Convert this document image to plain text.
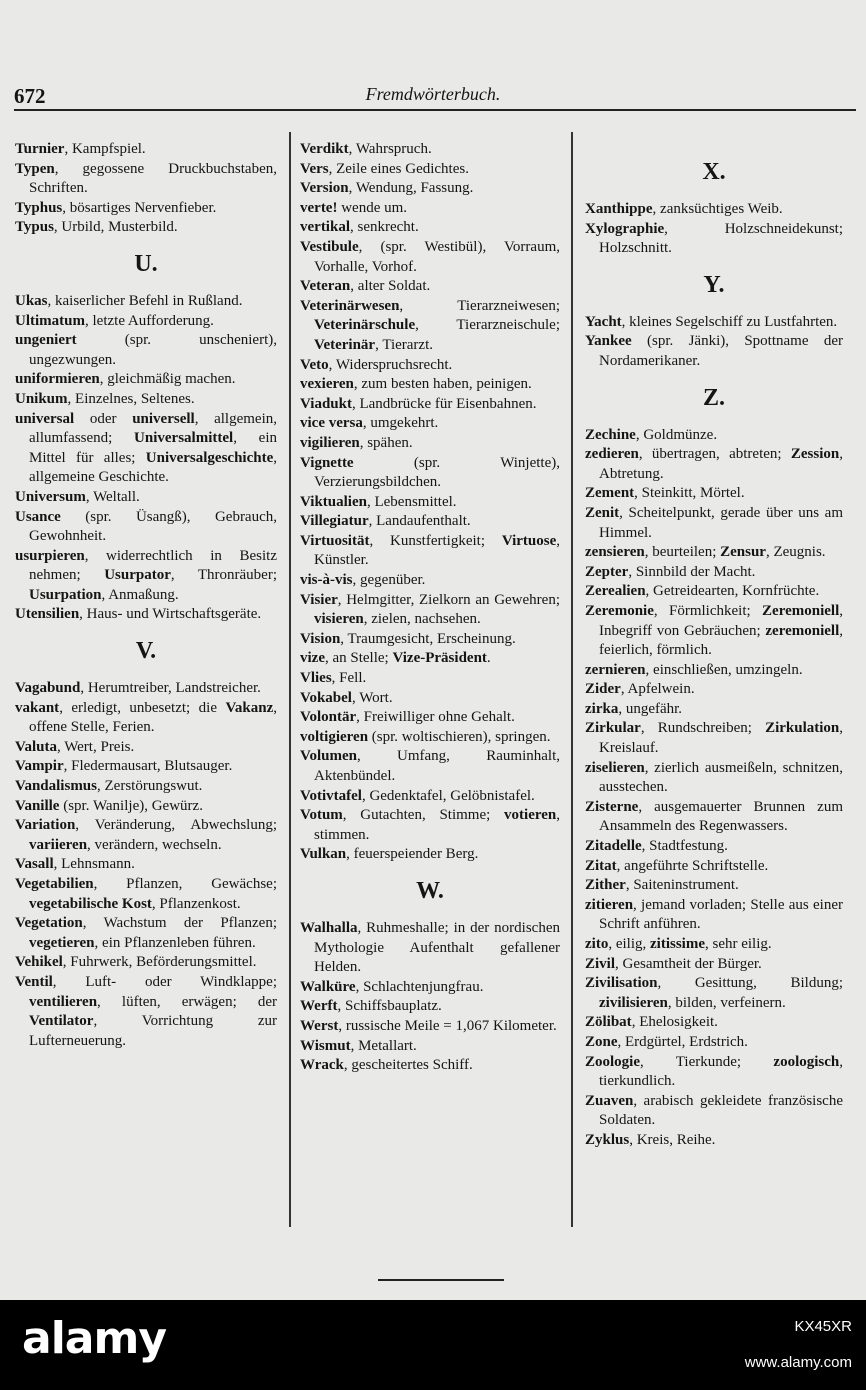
672	Fremdwörterbuch.

Turnier, Kampfspiel.

Typen, gegossene Druckbuchstaben, Schriften.

Typhus, bösartiges Nervenfieber.

Typus, Urbild, Musterbild.

U.

Ukas, kaiserlicher Befehl in Rußland.

Ultimatum, letzte Aufforderung.

ungeniert (spr. unscheniert), ungezwungen.

uniformieren, gleichmäßig machen.

Unikum, Einzelnes, Seltenes.

universal oder universell, allgemein, allumfassend; Universalmittel, ein Mittel für alles; Universalgeschichte, allgemeine Geschichte.

Universum, Weltall.

Usance (spr. Üsangß), Gebrauch, Gewohnheit.

usurpieren, widerrechtlich in Besitz nehmen; Usurpator, Thronräuber; Usurpation, Anmaßung.

Utensilien, Haus- und Wirtschaftsgeräte.

V.

Vagabund, Herumtreiber, Landstreicher.

vakant, erledigt, unbesetzt; die Vakanz, offene Stelle, Ferien.

Valuta, Wert, Preis.

Vampir, Fledermausart, Blutsauger.

Vandalismus, Zerstörungswut.

Vanille (spr. Wanilje), Gewürz.

Variation, Veränderung, Abwechslung; variieren, verändern, wechseln.

Vasall, Lehnsmann.

Vegetabilien, Pflanzen, Gewächse; vegetabilische Kost, Pflanzenkost.

Vegetation, Wachstum der Pflanzen; vegetieren, ein Pflanzenleben führen.

Vehikel, Fuhrwerk, Beförderungsmittel.

Ventil, Luft- oder Windklappe; ventilieren, lüften, erwägen; der Ventilator, Vorrichtung zur Lufterneuerung.

Verdikt, Wahrspruch.

Vers, Zeile eines Gedichtes.

Version, Wendung, Fassung.

verte! wende um.

vertikal, senkrecht.

Vestibule, (spr. Westibül), Vorraum, Vorhalle, Vorhof.

Veteran, alter Soldat.

Veterinärwesen, Tierarzneiwesen; Veterinärschule, Tierarzneischule; Veterinär, Tierarzt.

Veto, Widerspruchsrecht.

vexieren, zum besten haben, peinigen.

Viadukt, Landbrücke für Eisenbahnen.

vice versa, umgekehrt.

vigilieren, spähen.

Vignette (spr. Winjette), Verzierungsbildchen.

Viktualien, Lebensmittel.

Villegiatur, Landaufenthalt.

Virtuosität, Kunstfertigkeit; Virtuose, Künstler.

vis-à-vis, gegenüber.

Visier, Helmgitter, Zielkorn an Gewehren; visieren, zielen, nachsehen.

Vision, Traumgesicht, Erscheinung.

vize, an Stelle; Vize-Präsident.

Vlies, Fell.

Vokabel, Wort.

Volontär, Freiwilliger ohne Gehalt.

voltigieren (spr. woltischieren), springen.

Volumen, Umfang, Rauminhalt, Aktenbündel.

Votivtafel, Gedenktafel, Gelöbnistafel.

Votum, Gutachten, Stimme; votieren, stimmen.

Vulkan, feuerspeiender Berg.

W.

Walhalla, Ruhmeshalle; in der nordischen Mythologie Aufenthalt gefallener Helden.

Walküre, Schlachtenjungfrau.

Werft, Schiffsbauplatz.

Werst, russische Meile = 1,067 Kilometer.

Wismut, Metallart.

Wrack, gescheitertes Schiff.

X.

Xanthippe, zanksüchtiges Weib.

Xylographie, Holzschneidekunst; Holzschnitt.

Y.

Yacht, kleines Segelschiff zu Lustfahrten.

Yankee (spr. Jänki), Spottname der Nordamerikaner.

Z.

Zechine, Goldmünze.

zedieren, übertragen, abtreten; Zession, Abtretung.

Zement, Steinkitt, Mörtel.

Zenit, Scheitelpunkt, gerade über uns am Himmel.

zensieren, beurteilen; Zensur, Zeugnis.

Zepter, Sinnbild der Macht.

Zerealien, Getreidearten, Kornfrüchte.

Zeremonie, Förmlichkeit; Zeremoniell, Inbegriff von Gebräuchen; zeremoniell, feierlich, förmlich.

zernieren, einschließen, umzingeln.

Zider, Apfelwein.

zirka, ungefähr.

Zirkular, Rundschreiben; Zirkulation, Kreislauf.

ziselieren, zierlich ausmeißeln, schnitzen, ausstechen.

Zisterne, ausgemauerter Brunnen zum Ansammeln des Regenwassers.

Zitadelle, Stadtfestung.

Zitat, angeführte Schriftstelle.

Zither, Saiteninstrument.

zitieren, jemand vorladen; Stelle aus einer Schrift anführen.

zito, eilig, zitissime, sehr eilig.

Zivil, Gesamtheit der Bürger.

Zivilisation, Gesittung, Bildung; zivilisieren, bilden, verfeinern.

Zölibat, Ehelosigkeit.

Zone, Erdgürtel, Erdstrich.

Zoologie, Tierkunde; zoologisch, tierkundlich.

Zuaven, arabisch gekleidete französische Soldaten.

Zyklus, Kreis, Reihe.

alamy	KX45XR
www.alamy.com
